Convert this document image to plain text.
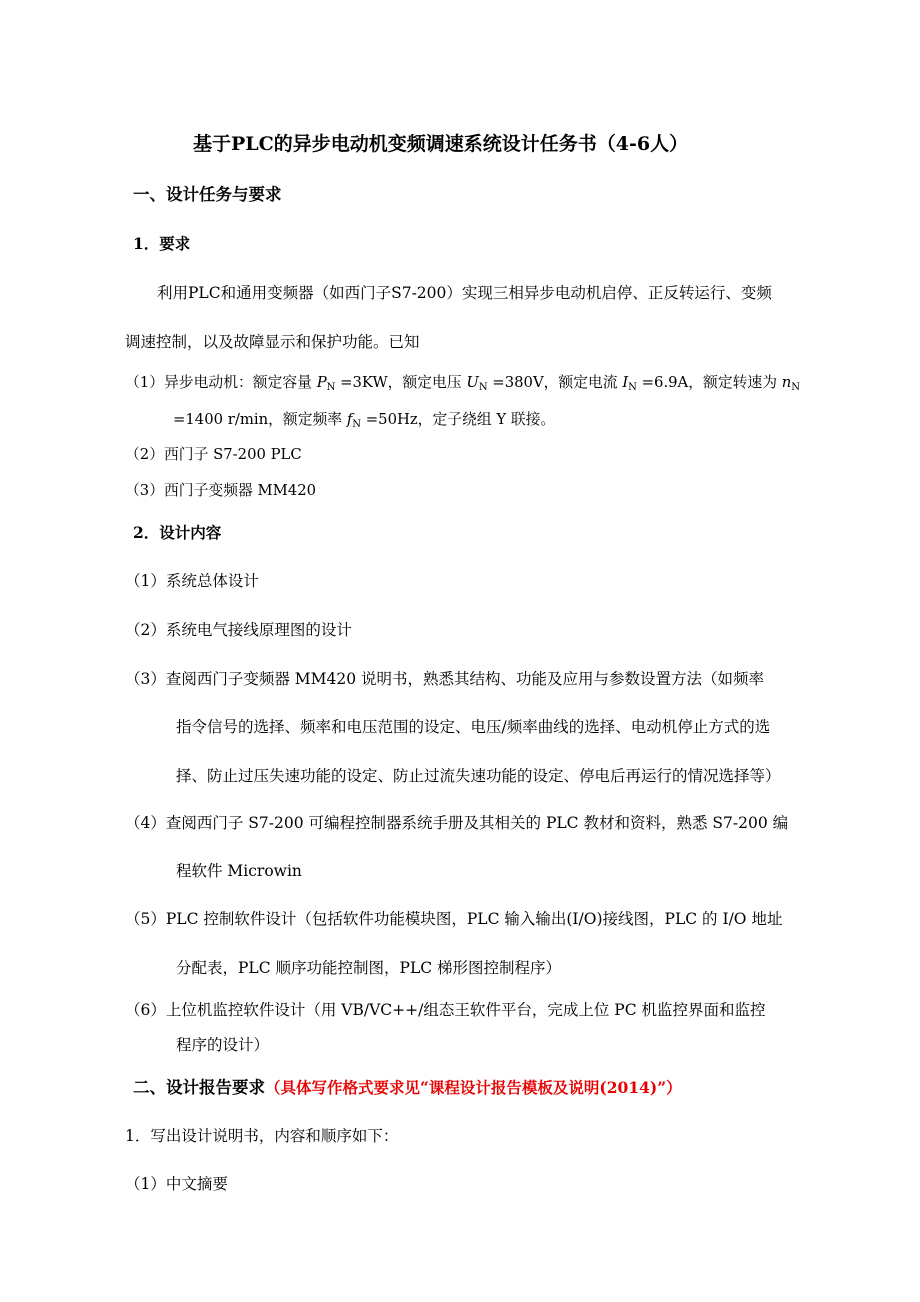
基于PLC的异步电动机变频调速系统设计任务书（4-6人）
一、设计任务与要求
1．要求
利用PLC和通用变频器（如西门子S7-200）实现三相异步电动机启停、正反转运行、变频
调速控制，以及故障显示和保护功能。已知
（1）异步电动机：额定容量 $P_N =3KW$，额定电压 $U_N =380V$，额定电流 $I_N =6.9A$，额定转速为 $n_N$
=1400 r/min，额定频率 $f_N =50Hz$，定子绕组 Y 联接。
（2）西门子 S7-200 PLC
（3）西门子变频器 MM420
2．设计内容
（1）系统总体设计
（2）系统电气接线原理图的设计
（3）查阅西门子变频器 MM420 说明书，熟悉其结构、功能及应用与参数设置方法（如频率
指令信号的选择、频率和电压范围的设定、电压/频率曲线的选择、电动机停止方式的选
择、防止过压失速功能的设定、防止过流失速功能的设定、停电后再运行的情况选择等）
（4）查阅西门子 S7-200 可编程控制器系统手册及其相关的 PLC 教材和资料，熟悉 S7-200 编
程软件 Microwin
（5）PLC 控制软件设计（包括软件功能模块图，PLC 输入输出(I/O)接线图，PLC 的 I/O 地址
分配表，PLC 顺序功能控制图，PLC 梯形图控制程序）
（6）上位机监控软件设计（用 VB/VC++/组态王软件平台，完成上位 PC 机监控界面和监控
程序的设计）
二、设计报告要求（具体写作格式要求见“课程设计报告模板及说明(2014)”）
1．写出设计说明书，内容和顺序如下：
（1）中文摘要
